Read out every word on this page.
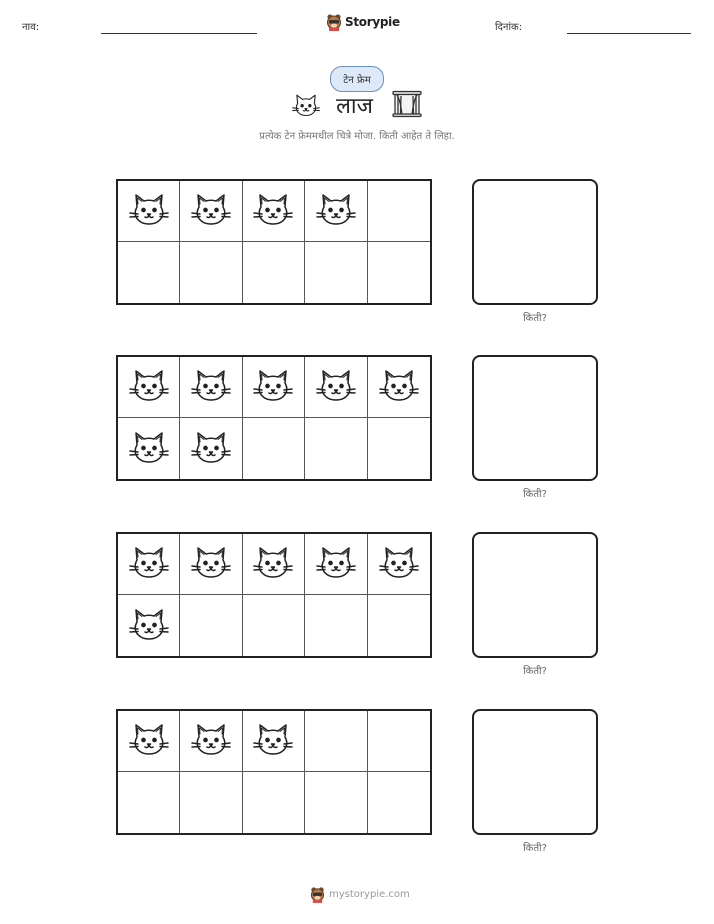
नाव:	Storypie	दिनांक:
टेन फ्रेम
लाज
प्रत्येक टेन फ्रेममधील चित्रे मोजा. किती आहेत ते लिहा.
किती?
किती?
किती?
किती?
mystorypie.com
